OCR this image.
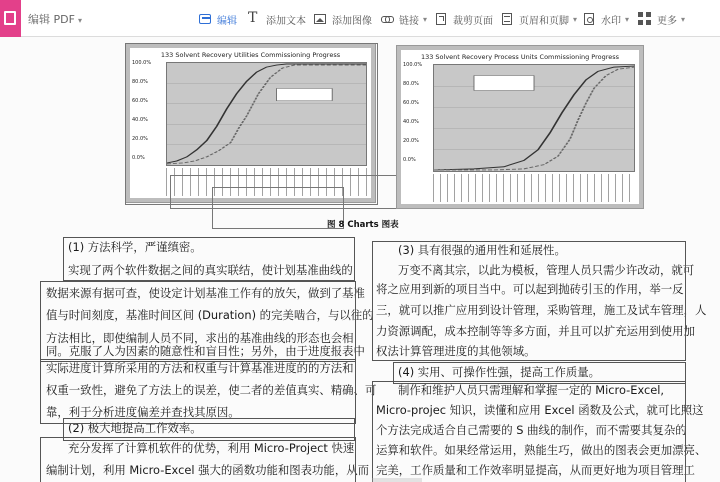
编辑 PDF ▾	编辑
T	添加文本	添加图像	链接 ▾	裁剪页面	页眉和页脚 ▾ 水印 ▾	更多 ▾
133 Solvent Recovery Utilities Commissioning Progress
100.0%
80.0%
60.0%
40.0%
20.0%
0.0%
133 Solvent Recovery Process Units Commissioning Progress
100.0%
80.0%
60.0%
40.0%
20.0%
0.0%
图 8 Charts 图表
(1) 方法科学，严谨缜密。
实现了两个软件数据之间的真实联结，使计划基准曲线的
数据来源有据可查，使设定计划基准工作有的放矢，做到了基准
值与时间刻度，基准时间区间 (Duration) 的完美啮合，与以往的
方法相比，即使编制人员不同，求出的基准曲线的形态也会相
同。克服了人为因素的随意性和盲目性；另外，由于进度报表中
实际进度计算所采用的方法和权重与计算基准进度的的方法和
权重一致性，避免了方法上的误差，使二者的差值真实、精确、可
靠，利于分析进度偏差并查找其原因。
(2) 极大地提高工作效率。
充分发挥了计算机软件的优势，利用 Micro-Project 快速
编制计划，利用 Micro-Excel 强大的函数功能和图表功能，从而
(3) 具有很强的通用性和延展性。
万变不离其宗，以此为模板，管理人员只需少许改动，就可
将之应用到新的项目当中。可以起到抛砖引玉的作用，举一反
三，就可以推广应用到设计管理，采购管理，施工及试车管理，人
力资源调配，成本控制等等多方面，并且可以扩充运用到使用加
权法计算管理进度的其他领域。
(4) 实用、可操作性强，提高工作质量。
制作和维护人员只需理解和掌握一定的 Micro-Excel,
Micro-projec 知识，读懂和应用 Excel 函数及公式，就可比照这
个方法完成适合自己需要的 S 曲线的制作，而不需要其复杂的
运算和软件。如果经常运用，熟能生巧，做出的图表会更加漂亮、
完美，工作质量和工作效率明显提高，从而更好地为项目管理工
